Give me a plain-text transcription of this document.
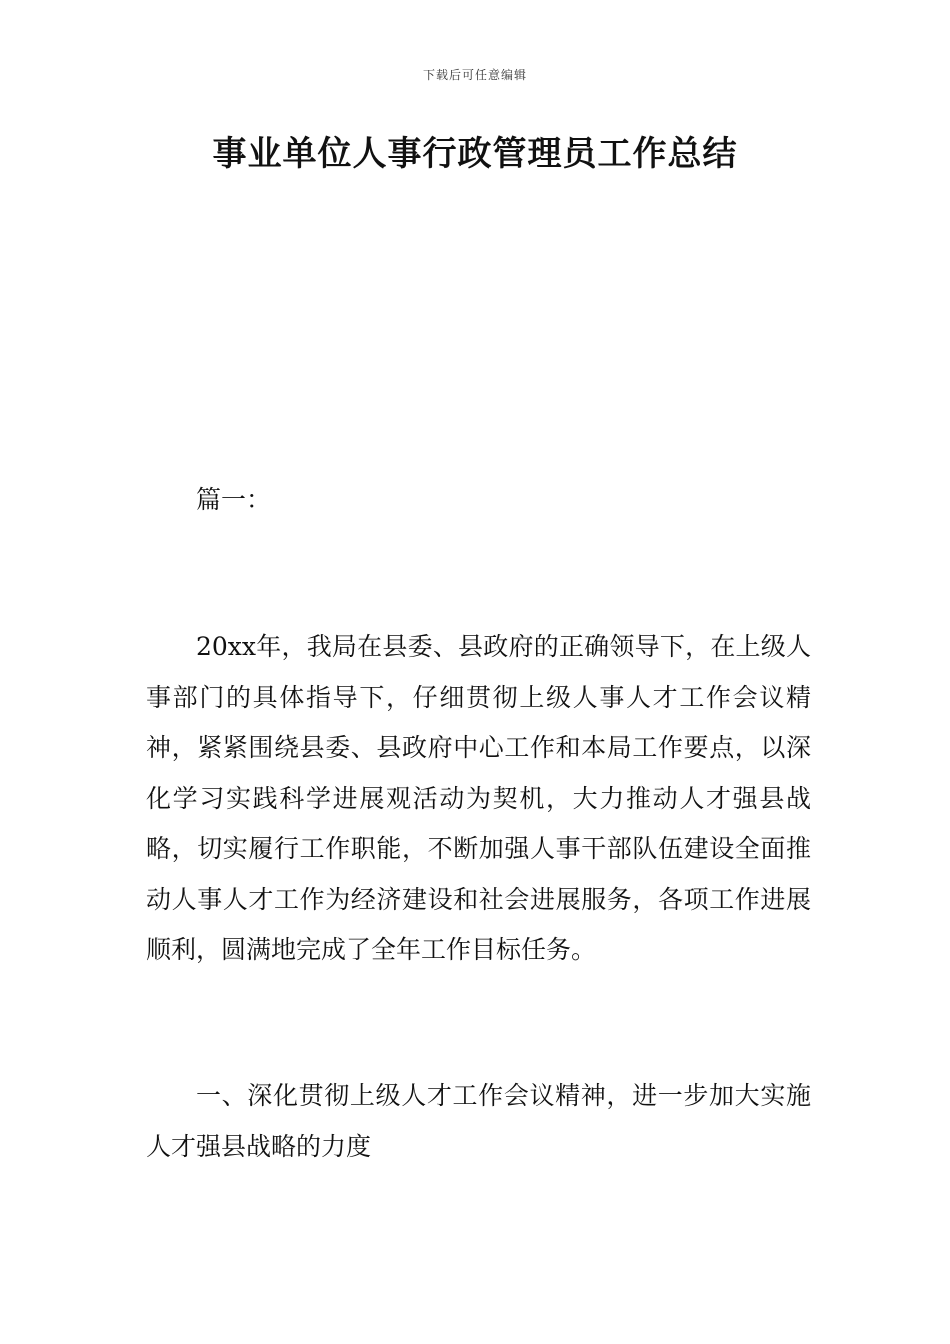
下载后可任意编辑
事业单位人事行政管理员工作总结
篇一：

20xx年，我局在县委、县政府的正确领导下，在上级人事部门的具体指导下，仔细贯彻上级人事人才工作会议精神，紧紧围绕县委、县政府中心工作和本局工作要点，以深化学习实践科学进展观活动为契机，大力推动人才强县战略，切实履行工作职能，不断加强人事干部队伍建设全面推动人事人才工作为经济建设和社会进展服务，各项工作进展顺利，圆满地完成了全年工作目标任务。

一、深化贯彻上级人才工作会议精神，进一步加大实施人才强县战略的力度
